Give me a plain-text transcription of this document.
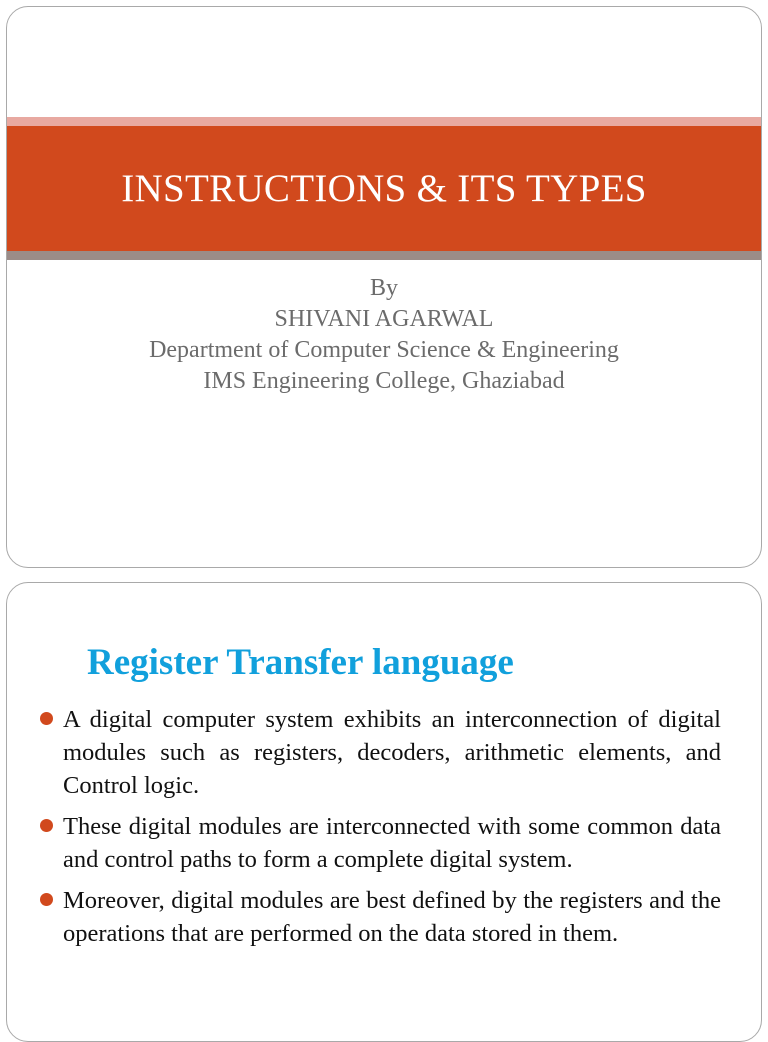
INSTRUCTIONS & ITS TYPES
By
SHIVANI AGARWAL
Department of Computer Science & Engineering
IMS Engineering College, Ghaziabad
Register Transfer language
A digital computer system exhibits an interconnection of digital modules such as registers, decoders, arithmetic elements, and Control logic.
These digital modules are interconnected with some common data and control paths to form a complete digital system.
Moreover, digital modules are best defined by the registers and the operations that are performed on the data stored in them.
